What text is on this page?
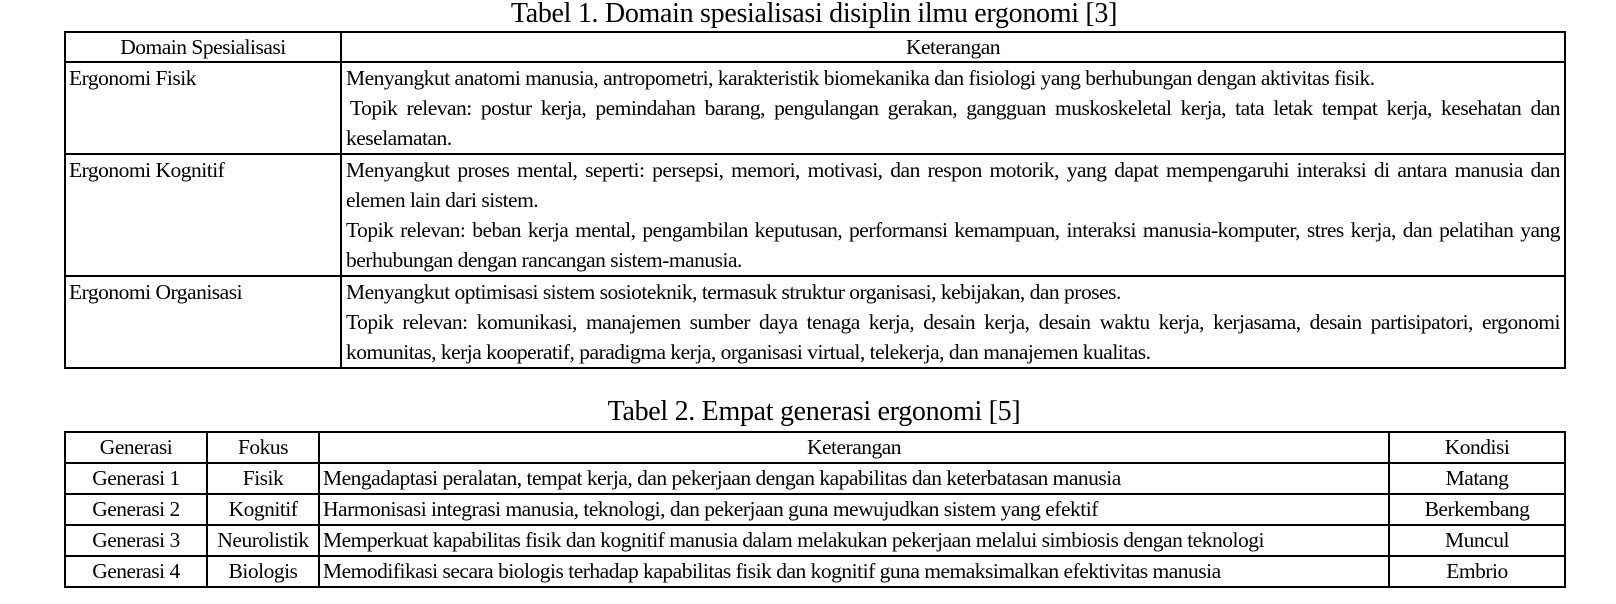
Tabel 1. Domain spesialisasi disiplin ilmu ergonomi [3]
Domain Spesialisasi	Keterangan
Ergonomi Fisik	Menyangkut anatomi manusia, antropometri, karakteristik biomekanika dan fisiologi yang berhubungan dengan aktivitas fisik.

Topik relevan: postur kerja, pemindahan barang, pengulangan gerakan, gangguan muskoskeletal kerja, tata letak tempat kerja, kesehatan dan keselamatan.

Ergonomi Kognitif	Menyangkut proses mental, seperti: persepsi, memori, motivasi, dan respon motorik, yang dapat mempengaruhi interaksi di antara manusia dan elemen lain dari sistem.

Topik relevan: beban kerja mental, pengambilan keputusan, performansi kemampuan, interaksi manusia-komputer, stres kerja, dan pelatihan yang berhubungan dengan rancangan sistem-manusia.

Ergonomi Organisasi	Menyangkut optimisasi sistem sosioteknik, termasuk struktur organisasi, kebijakan, dan proses.

Topik relevan: komunikasi, manajemen sumber daya tenaga kerja, desain kerja, desain waktu kerja, kerjasama, desain partisipatori, ergonomi komunitas, kerja kooperatif, paradigma kerja, organisasi virtual, telekerja, dan manajemen kualitas.

Tabel 2. Empat generasi ergonomi [5]
Generasi	Fokus	Keterangan	Kondisi
Generasi 1	Fisik	Mengadaptasi peralatan, tempat kerja, dan pekerjaan dengan kapabilitas dan keterbatasan manusia	Matang
Generasi 2	Kognitif	Harmonisasi integrasi manusia, teknologi, dan pekerjaan guna mewujudkan sistem yang efektif	Berkembang
Generasi 3	Neurolistik	Memperkuat kapabilitas fisik dan kognitif manusia dalam melakukan pekerjaan melalui simbiosis dengan teknologi	Muncul
Generasi 4	Biologis	Memodifikasi secara biologis terhadap kapabilitas fisik dan kognitif guna memaksimalkan efektivitas manusia	Embrio
